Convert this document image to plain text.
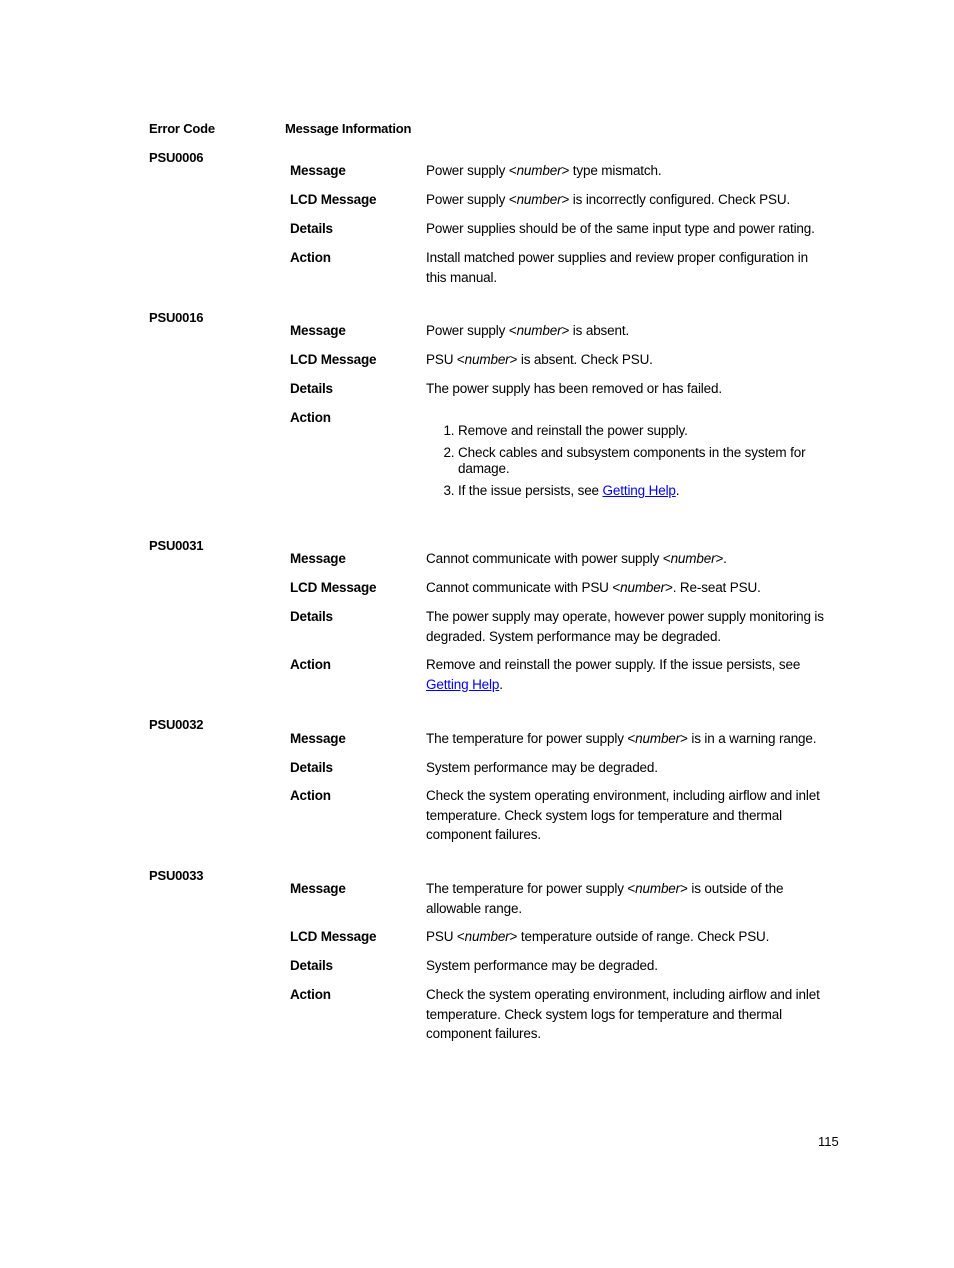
Error Code	Message Information
PSU0006
Message	Power supply <number> type mismatch.
LCD Message	Power supply <number> is incorrectly configured. Check PSU.
Details	Power supplies should be of the same input type and power rating.
Action	Install matched power supplies and review proper configuration in this manual.
PSU0016
Message	Power supply <number> is absent.
LCD Message	PSU <number> is absent. Check PSU.
Details	The power supply has been removed or has failed.
Action
1. Remove and reinstall the power supply.
2. Check cables and subsystem components in the system for damage.
3. If the issue persists, see Getting Help.
PSU0031
Message	Cannot communicate with power supply <number>.
LCD Message	Cannot communicate with PSU <number>. Re-seat PSU.
Details	The power supply may operate, however power supply monitoring is degraded. System performance may be degraded.
Action	Remove and reinstall the power supply. If the issue persists, see Getting Help.
PSU0032
Message	The temperature for power supply <number> is in a warning range.
Details	System performance may be degraded.
Action	Check the system operating environment, including airflow and inlet temperature. Check system logs for temperature and thermal component failures.
PSU0033
Message	The temperature for power supply <number> is outside of the allowable range.
LCD Message	PSU <number> temperature outside of range. Check PSU.
Details	System performance may be degraded.
Action	Check the system operating environment, including airflow and inlet temperature. Check system logs for temperature and thermal component failures.
115
